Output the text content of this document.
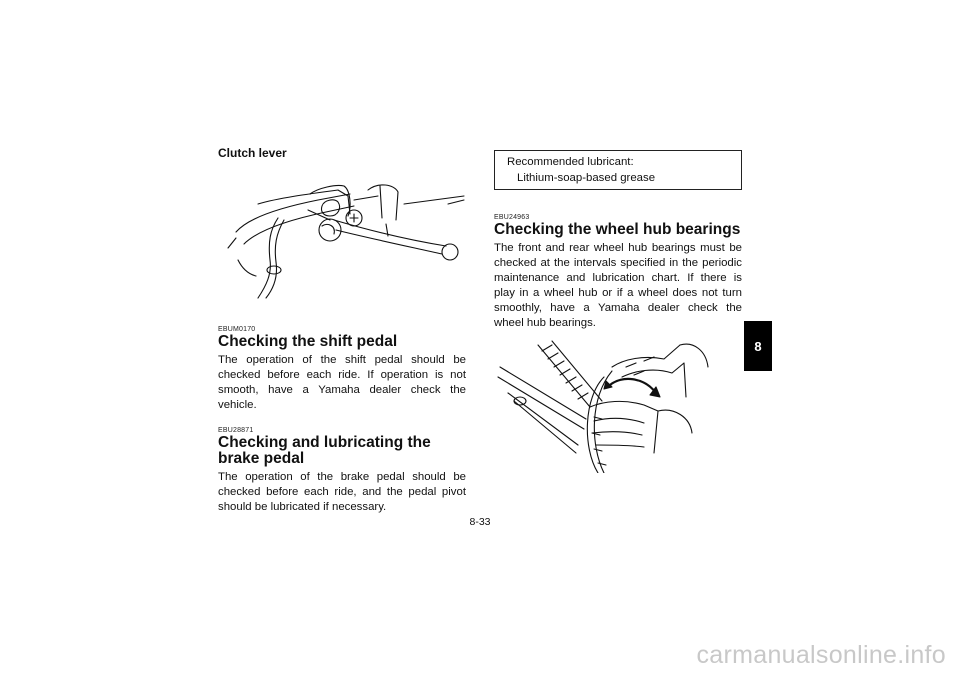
Clutch lever

EBUM0170

Checking the shift pedal

The operation of the shift pedal should be checked before each ride. If operation is not smooth, have a Yamaha dealer check the vehicle.

EBU28871

Checking and lubricating the brake pedal

The operation of the brake pedal should be checked before each ride, and the pedal pivot should be lubricated if necessary.

Recommended lubricant:
Lithium-soap-based grease

EBU24963

Checking the wheel hub bearings

The front and rear wheel hub bearings must be checked at the intervals specified in the periodic maintenance and lubrication chart. If there is play in a wheel hub or if a wheel does not turn smoothly, have a Yamaha dealer check the wheel hub bearings.

8
8-33
carmanualsonline.info
